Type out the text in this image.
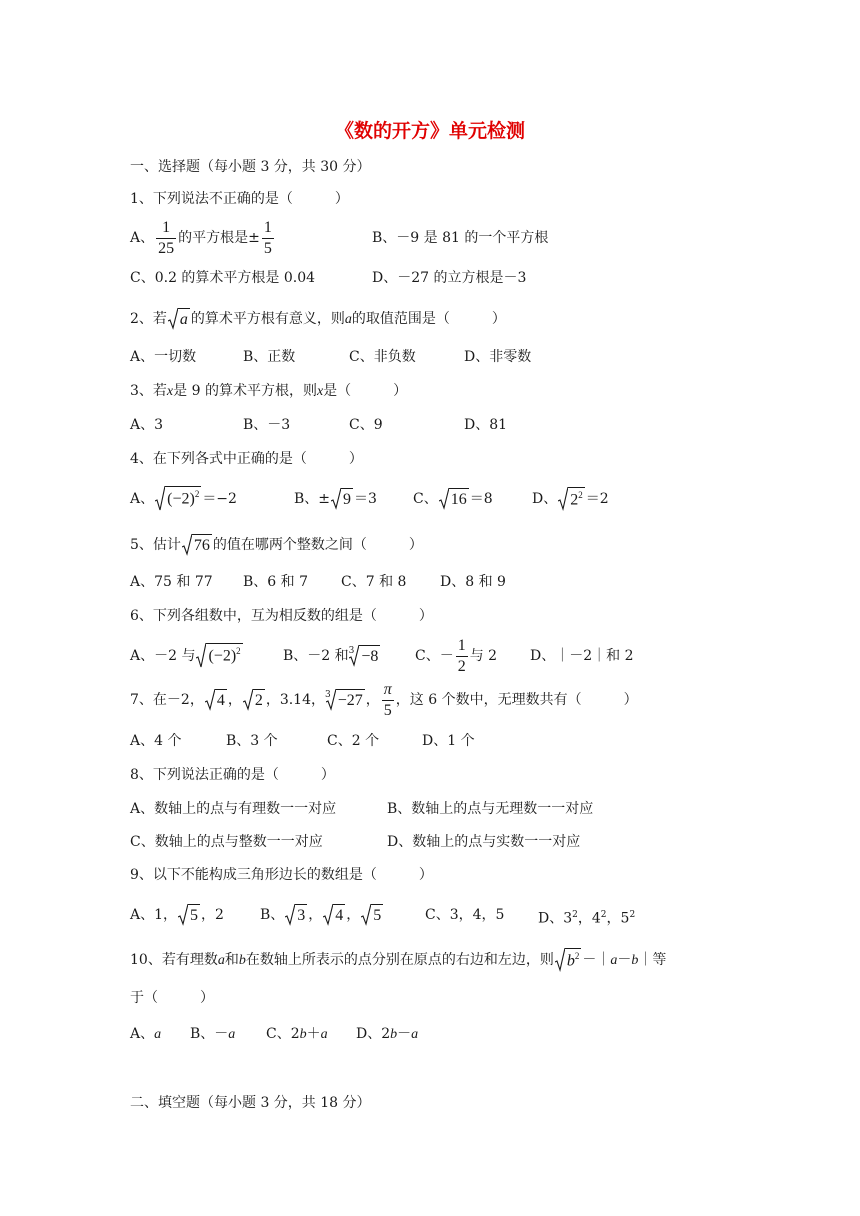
《数的开方》单元检测
一、选择题（每小题 3 分，共 30 分）
1、下列说法不正确的是（　　　）
A、 $\frac{1}{25}$ 的平方根是± $\frac{1}{5}$	B、－9 是 81 的一个平方根
C、0.2 的算术平方根是 0.04	D、－27 的立方根是－3
2、若 a 的算术平方根有意义，则a的取值范围是（　　　）
A、一切数	B、正数	C、非负数	D、非零数
3、若x是 9 的算术平方根，则x是（　　　）
A、3	B、－3	C、9	D、81
4、在下列各式中正确的是（　　　）
A、 $(-2)^2 =-2$	B、± 9 ＝3	C、 16 ＝8	D、 $2^2 =2$
5、估计 76 的值在哪两个整数之间（　　　）
A、75 和 77 B、6 和 7 C、7 和 8 D、8 和 9
6、下列各组数中，互为相反数的组是（　　　）
A、－2 与 $(-2)^2$	B、－2 和$^3$ −8	C、－ $\frac{1}{2}$ 与 2 D、｜－2｜和 2
7、在－2， 4 ， 2 ，3.14，$^3$ −27 ， $\frac{\pi}{5}$ ，这 6 个数中，无理数共有（　　　）
A、4 个	B、3 个	C、2 个	D、1 个
8、下列说法正确的是（　　　）
A、数轴上的点与有理数一一对应	B、数轴上的点与无理数一一对应
C、数轴上的点与整数一一对应	D、数轴上的点与实数一一对应
9、以下不能构成三角形边长的数组是（　　　）
A、1， 5 ，2	B、 3 ， 4 ， 5	C、3，4，5 D、$3^2$，$4^2$，$5^2$
10、若有理数a和b在数轴上所表示的点分别在原点的右边和左边，则 $b^2$ －｜a－b｜等
于（　　　）
A、a B、－a C、2b＋a D、2b－a
二、填空题（每小题 3 分，共 18 分）
